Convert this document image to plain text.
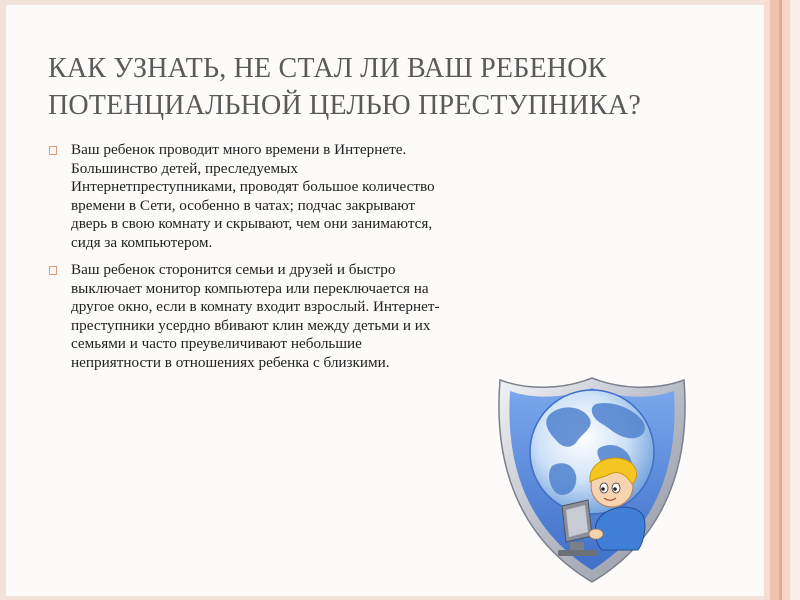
КАК УЗНАТЬ, НЕ СТАЛ ЛИ ВАШ РЕБЕНОК
ПОТЕНЦИАЛЬНОЙ ЦЕЛЬЮ ПРЕСТУПНИКА?
Ваш ребенок проводит много времени в Интернете.
Большинство детей, преследуемых
Интернетпреступниками, проводят большое количество
времени в Сети, особенно в чатах; подчас закрывают
дверь в свою комнату и скрывают, чем они занимаются,
сидя за компьютером.
Ваш ребенок сторонится семьи и друзей и быстро
выключает монитор компьютера или переключается на
другое окно, если в комнату входит взрослый. Интернет-
преступники усердно вбивают клин между детьми и их
семьями и часто преувеличивают небольшие
неприятности в отношениях ребенка с близкими.
